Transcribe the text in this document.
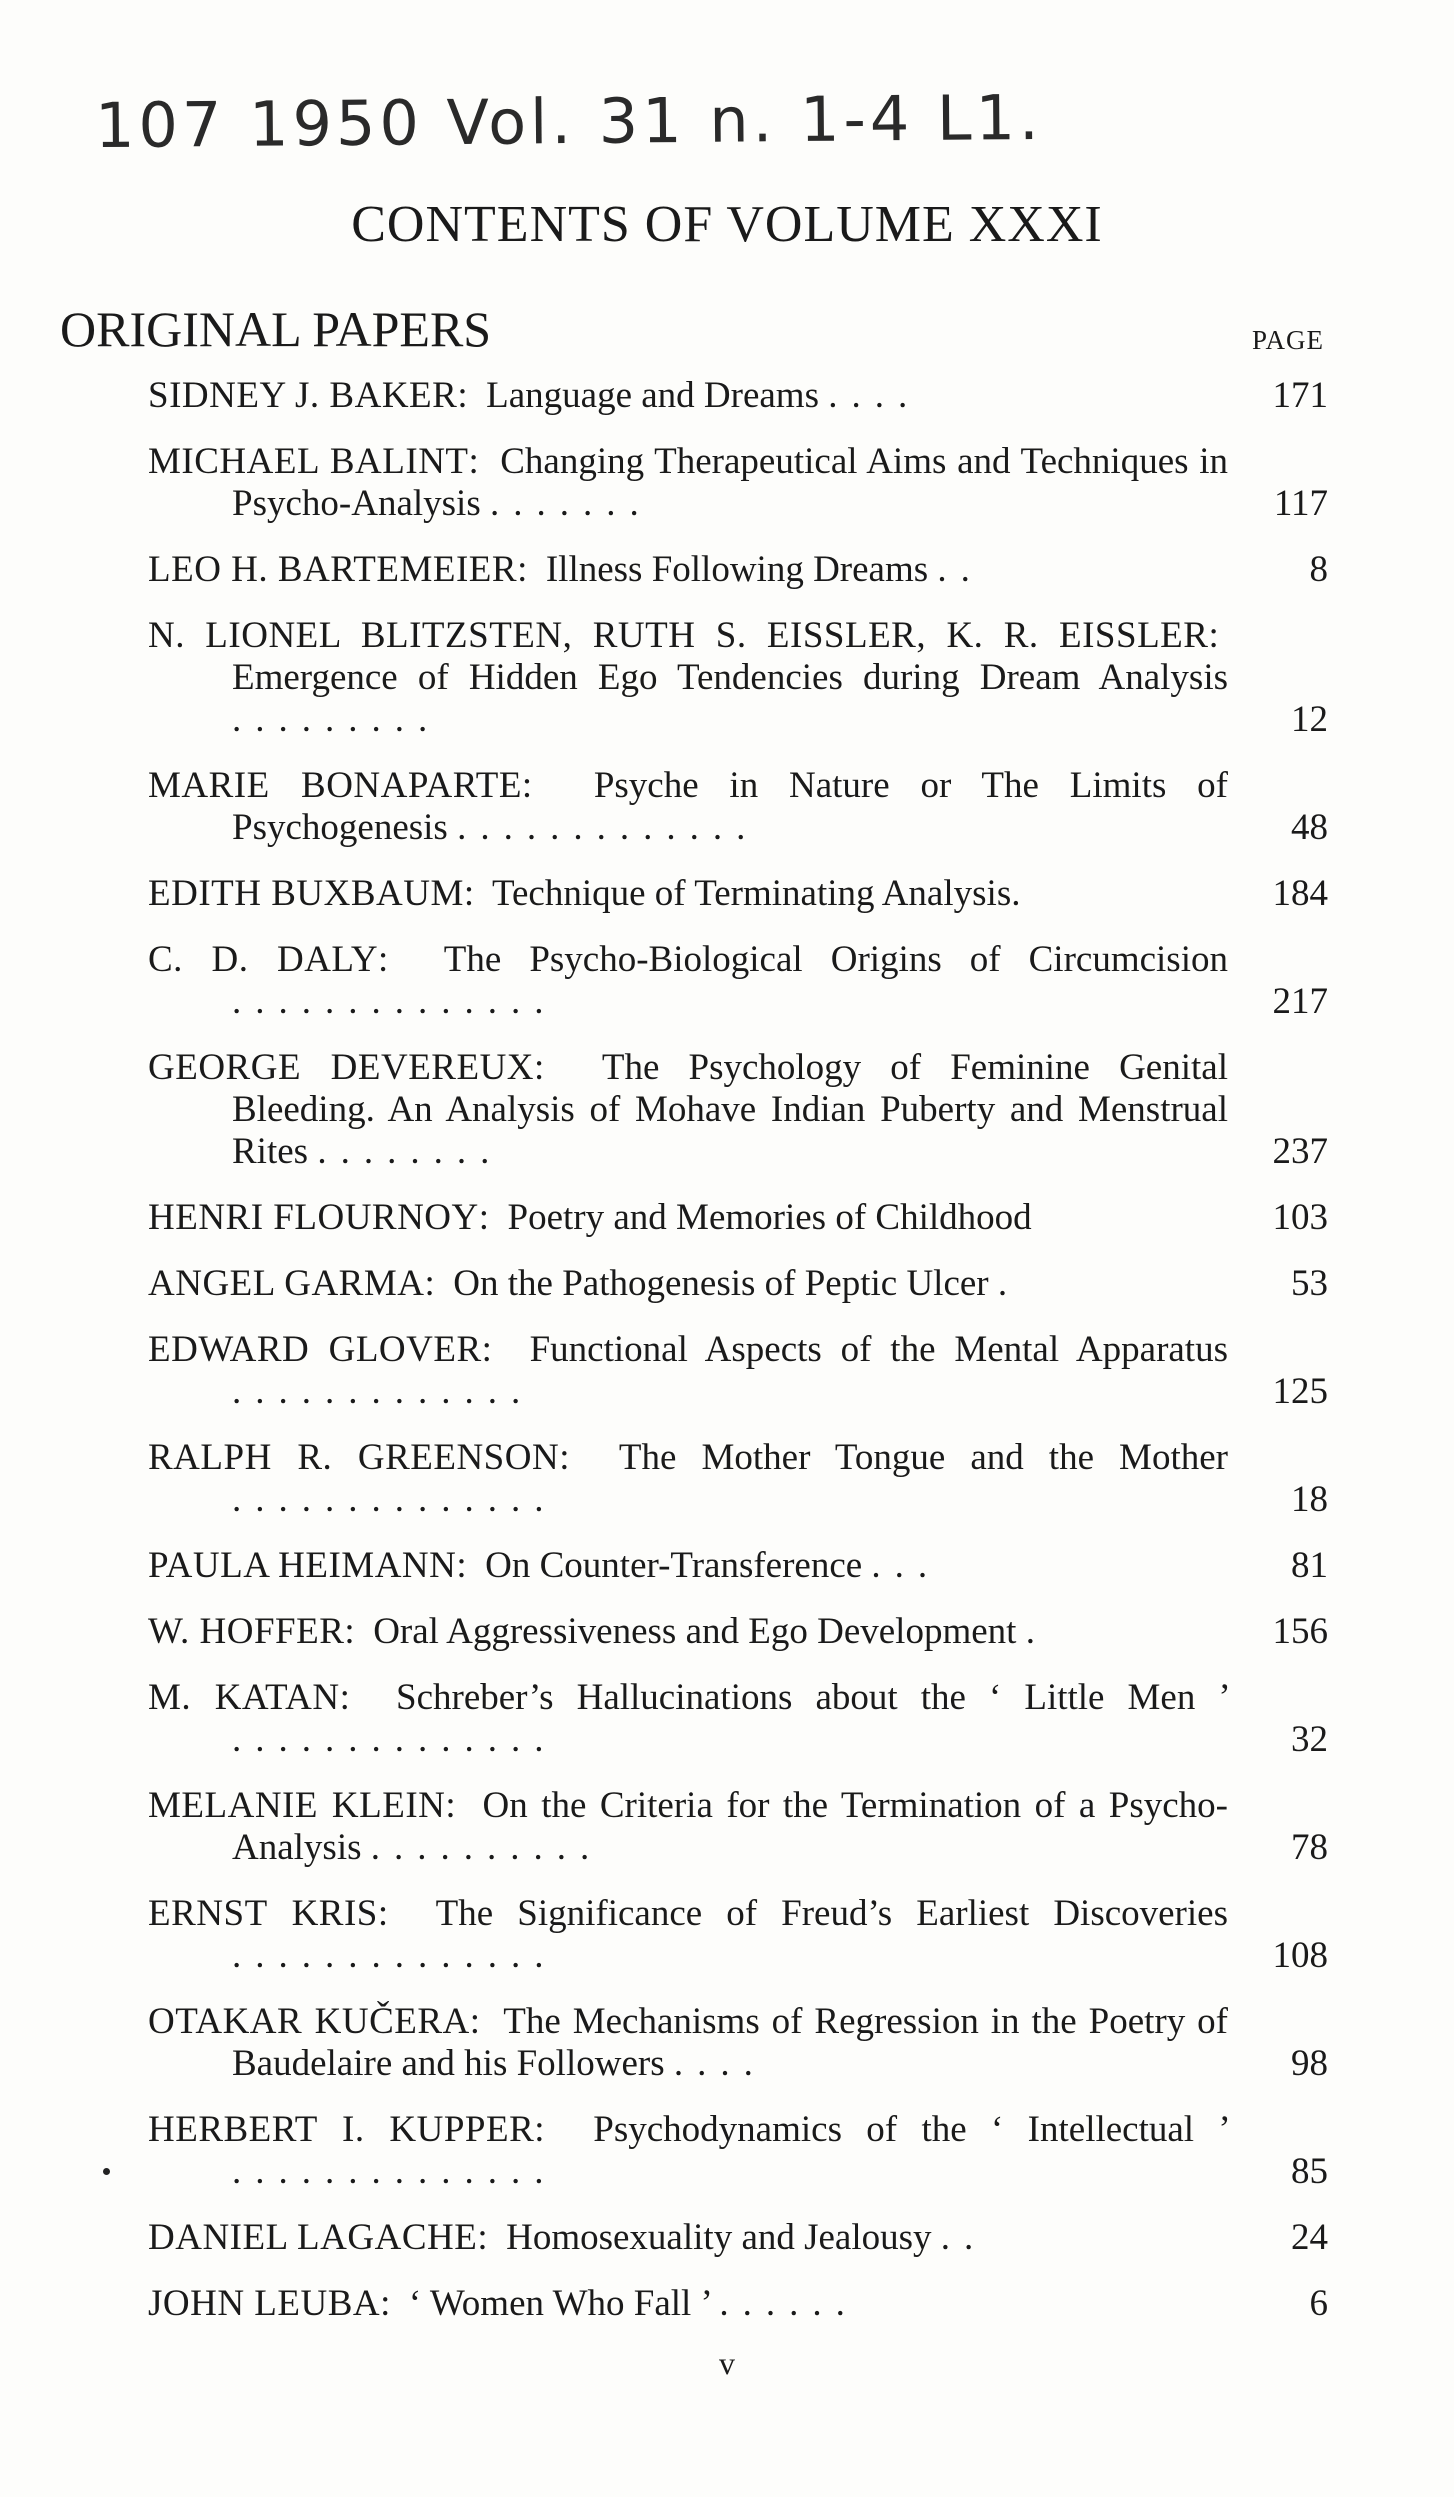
107 1950 Vol. 31 n. 1-4 L1.
CONTENTS OF VOLUME XXXI
ORIGINAL PAPERS	PAGE
SIDNEY J. BAKER:  Language and Dreams ....	171
MICHAEL BALINT:  Changing Therapeutical Aims and Techniques in Psycho-Analysis .......	117
LEO H. BARTEMEIER:  Illness Following Dreams ..	8
N. LIONEL BLITZSTEN, RUTH S. EISSLER, K. R. EISSLER:  Emergence of Hidden Ego Tendencies during Dream Analysis .........	12
MARIE BONAPARTE:  Psyche in Nature or The Limits of Psychogenesis .............	48
EDITH BUXBAUM:  Technique of Terminating Analysis.	184
C. D. DALY:  The Psycho-Biological Origins of Circumcision ..............	217
GEORGE DEVEREUX:  The Psychology of Feminine Genital Bleeding. An Analysis of Mohave Indian Puberty and Menstrual Rites ........	237
HENRI FLOURNOY:  Poetry and Memories of Childhood	103
ANGEL GARMA:  On the Pathogenesis of Peptic Ulcer .	53
EDWARD GLOVER:  Functional Aspects of the Mental Apparatus .............	125
RALPH R. GREENSON:  The Mother Tongue and the Mother ..............	18
PAULA HEIMANN:  On Counter-Transference ...	81
W. HOFFER:  Oral Aggressiveness and Ego Development .	156
M. KATAN:  Schreber’s Hallucinations about the ‘ Little Men ’ ..............	32
MELANIE KLEIN:  On the Criteria for the Termination of a Psycho-Analysis ..........	78
ERNST KRIS:  The Significance of Freud’s Earliest Discoveries ..............	108
OTAKAR KUČERA:  The Mechanisms of Regression in the Poetry of Baudelaire and his Followers ....	98
HERBERT I. KUPPER:  Psychodynamics of the ‘ Intellectual ’ ..............	85
DANIEL LAGACHE:  Homosexuality and Jealousy ..	24
JOHN LEUBA:  ‘ Women Who Fall ’ ......	6
v
